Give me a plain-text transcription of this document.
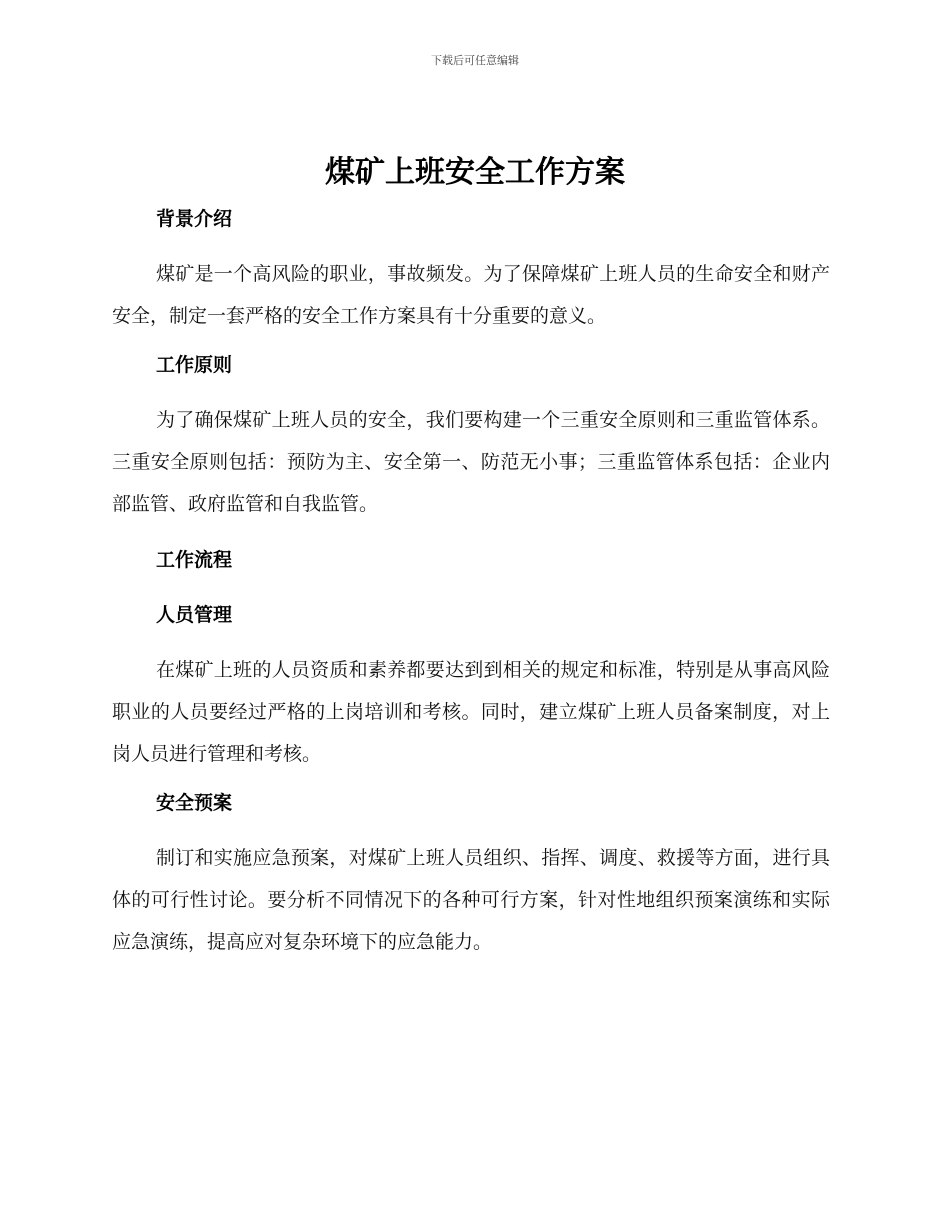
下载后可任意编辑
煤矿上班安全工作方案
背景介绍

煤矿是一个高风险的职业，事故频发。为了保障煤矿上班人员的生命安全和财产安全，制定一套严格的安全工作方案具有十分重要的意义。

工作原则

为了确保煤矿上班人员的安全，我们要构建一个三重安全原则和三重监管体系。三重安全原则包括：预防为主、安全第一、防范无小事；三重监管体系包括：企业内部监管、政府监管和自我监管。

工作流程
人员管理

在煤矿上班的人员资质和素养都要达到到相关的规定和标准，特别是从事高风险职业的人员要经过严格的上岗培训和考核。同时，建立煤矿上班人员备案制度，对上岗人员进行管理和考核。

安全预案

制订和实施应急预案，对煤矿上班人员组织、指挥、调度、救援等方面，进行具体的可行性讨论。要分析不同情况下的各种可行方案，针对性地组织预案演练和实际应急演练，提高应对复杂环境下的应急能力。
